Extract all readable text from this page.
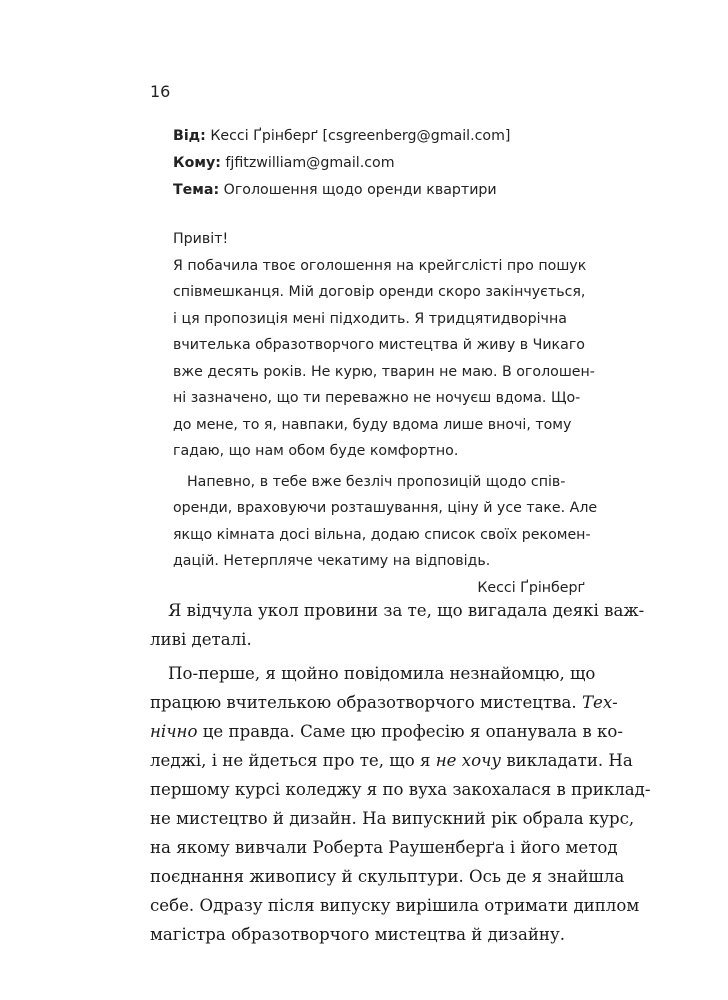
16
Від: Кессі Ґрінберґ [csgreenberg@gmail.com]
Кому: fjfitzwilliam@gmail.com
Тема: Оголошення щодо оренди квартири
Привіт!
Я побачила твоє оголошення на крейгслісті про пошук
співмешканця. Мій договір оренди скоро закінчується,
і ця пропозиція мені підходить. Я тридцятидворічна
вчителька образотворчого мистецтва й живу в Чикаго
вже десять років. Не курю, тварин не маю. В оголошен-
ні зазначено, що ти переважно не ночуєш вдома. Що-
до мене, то я, навпаки, буду вдома лише вночі, тому
гадаю, що нам обом буде комфортно.
Напевно, в тебе вже безліч пропозицій щодо спів-
оренди, враховуючи розташування, ціну й усе таке. Але
якщо кімната досі вільна, додаю список своїх рекомен-
дацій. Нетерпляче чекатиму на відповідь.
Кессі Ґрінберґ
Я відчула укол провини за те, що вигадала деякі важ-
ливі деталі.
По-перше, я щойно повідомила незнайомцю, що
працюю вчителькою образотворчого мистецтва. Тех-
нічно це правда. Саме цю професію я опанувала в ко-
леджі, і не йдеться про те, що я не хочу викладати. На
першому курсі коледжу я по вуха закохалася в приклад-
не мистецтво й дизайн. На випускний рік обрала курс,
на якому вивчали Роберта Раушенберґа і його метод
поєднання живопису й скульптури. Ось де я знайшла
себе. Одразу після випуску вирішила отримати диплом
магістра образотворчого мистецтва й дизайну.
